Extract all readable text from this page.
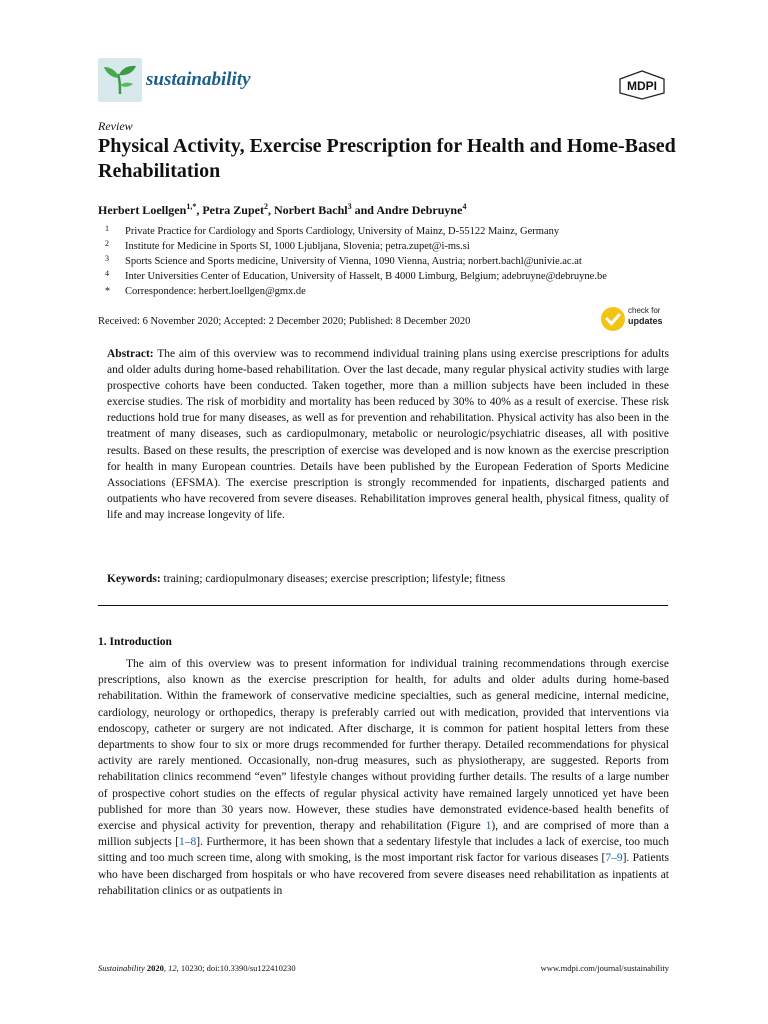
sustainability	MDPI
Review
Physical Activity, Exercise Prescription for Health and Home-Based Rehabilitation
Herbert Loellgen$^{1,*}$, Petra Zupet$^2$, Norbert Bachl$^3$ and Andre Debruyne$^4$
1 Private Practice for Cardiology and Sports Cardiology, University of Mainz, D-55122 Mainz, Germany
2 Institute for Medicine in Sports SI, 1000 Ljubljana, Slovenia; petra.zupet@i-ms.si
3 Sports Science and Sports medicine, University of Vienna, 1090 Vienna, Austria; norbert.bachl@univie.ac.at
4 Inter Universities Center of Education, University of Hasselt, B 4000 Limburg, Belgium; adebruyne@debruyne.be
* Correspondence: herbert.loellgen@gmx.de
Received: 6 November 2020; Accepted: 2 December 2020; Published: 8 December 2020
check for
updates

Abstract: The aim of this overview was to recommend individual training plans using exercise prescriptions for adults and older adults during home-based rehabilitation. Over the last decade, many regular physical activity studies with large prospective cohorts have been conducted. Taken together, more than a million subjects have been included in these exercise studies. The risk of morbidity and mortality has been reduced by 30% to 40% as a result of exercise. These risk reductions hold true for many diseases, as well as for prevention and rehabilitation. Physical activity has also been in the treatment of many diseases, such as cardiopulmonary, metabolic or neurologic/psychiatric diseases, all with positive results. Based on these results, the prescription of exercise was developed and is now known as the exercise prescription for health in many European countries. Details have been published by the European Federation of Sports Medicine Associations (EFSMA). The exercise prescription is strongly recommended for inpatients, discharged patients and outpatients who have recovered from severe diseases. Rehabilitation improves general health, physical fitness, quality of life and may increase longevity of life.

Keywords: training; cardiopulmonary diseases; exercise prescription; lifestyle; fitness

1. Introduction

The aim of this overview was to present information for individual training recommendations through exercise prescriptions, also known as the exercise prescription for health, for adults and older adults during home-based rehabilitation. Within the framework of conservative medicine specialties, such as general medicine, internal medicine, cardiology, neurology or orthopedics, therapy is preferably carried out with medication, provided that interventions via endoscopy, catheter or surgery are not indicated. After discharge, it is common for patient hospital letters from these departments to show four to six or more drugs recommended for further therapy. Detailed recommendations for physical activity are rarely mentioned. Occasionally, non-drug measures, such as physiotherapy, are suggested. Reports from rehabilitation clinics recommend “even” lifestyle changes without providing further details. The results of a large number of prospective cohort studies on the effects of regular physical activity have remained largely unnoticed yet have been published for more than 30 years now. However, these studies have demonstrated evidence-based health benefits of exercise and physical activity for prevention, therapy and rehabilitation (Figure 1), and are comprised of more than a million subjects [1–8]. Furthermore, it has been shown that a sedentary lifestyle that includes a lack of exercise, too much sitting and too much screen time, along with smoking, is the most important risk factor for various diseases [7–9]. Patients who have been discharged from hospitals or who have recovered from severe diseases need rehabilitation as inpatients at rehabilitation clinics or as outpatients in

Sustainability 2020, 12, 10230; doi:10.3390/su122410230	www.mdpi.com/journal/sustainability
